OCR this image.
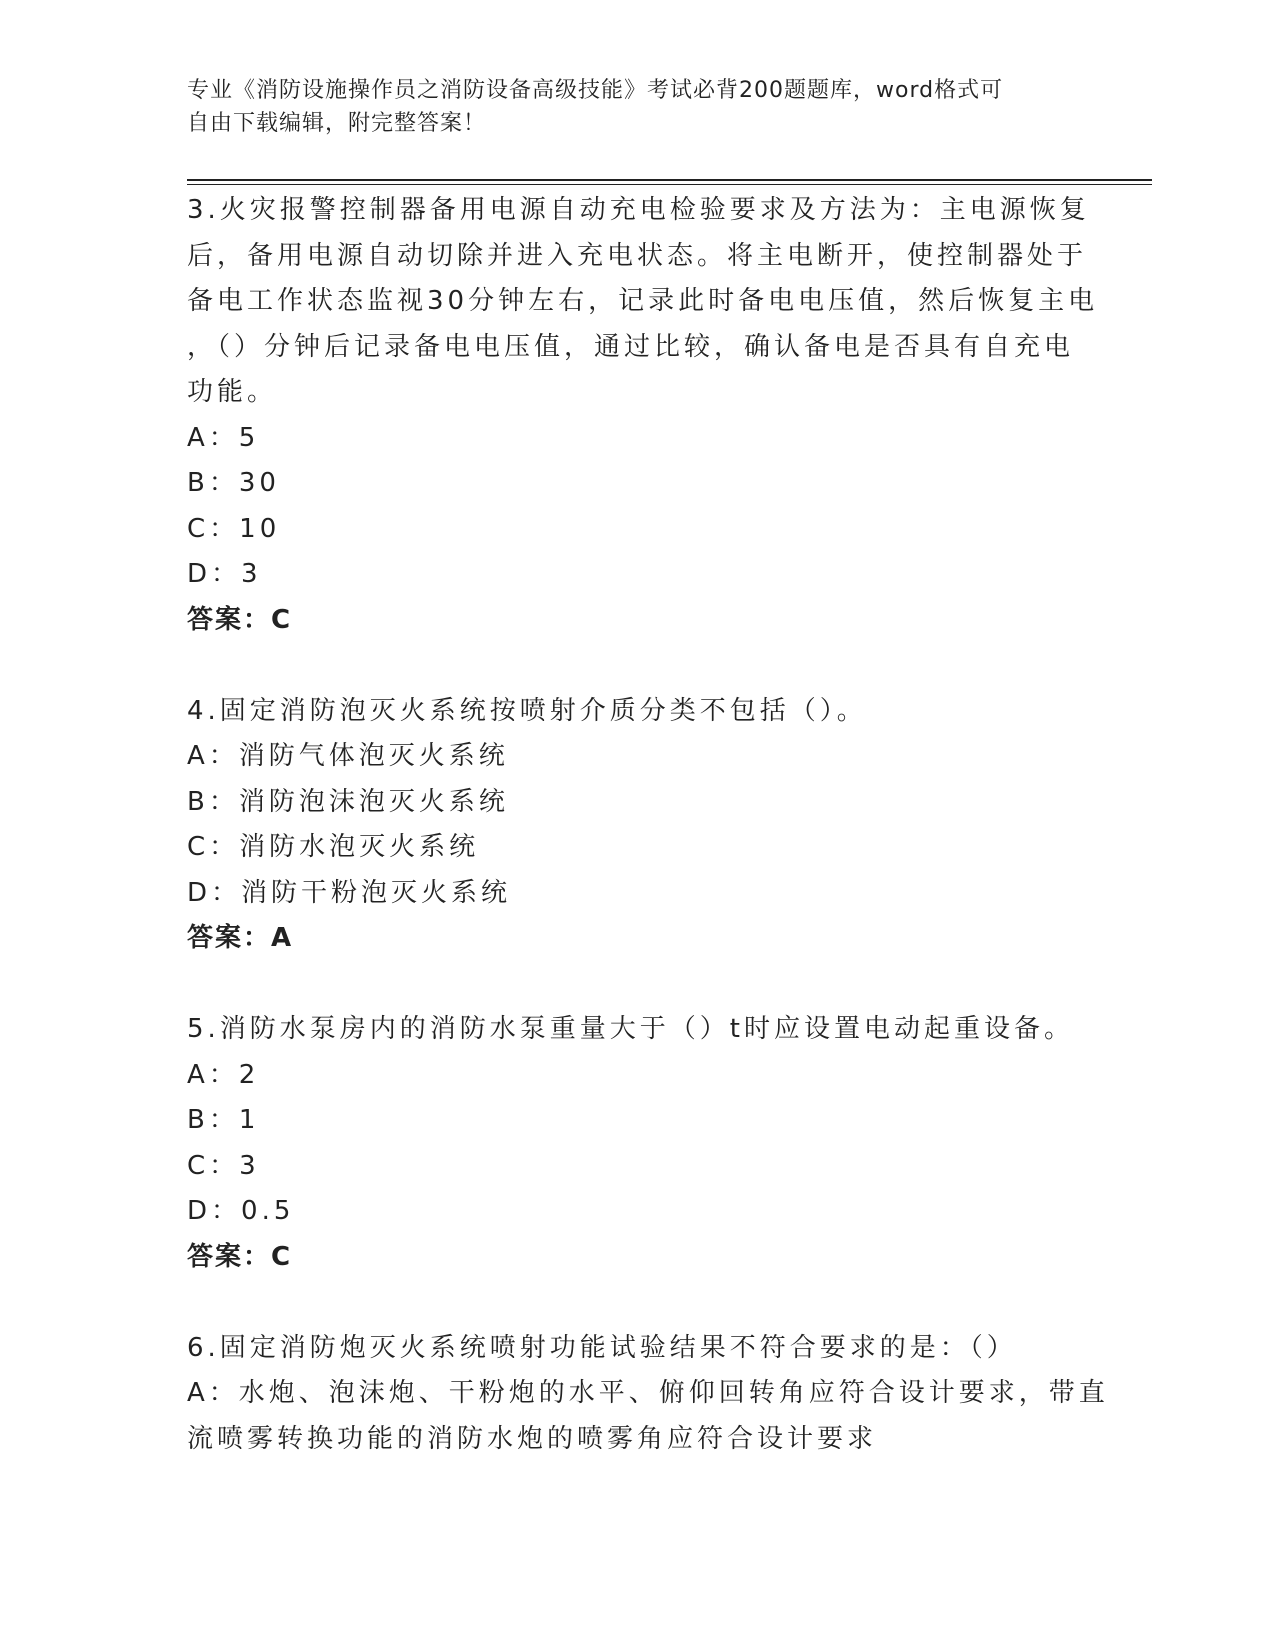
专业《消防设施操作员之消防设备高级技能》考试必背200题题库，word格式可
自由下载编辑，附完整答案！
3.火灾报警控制器备用电源自动充电检验要求及方法为：主电源恢复
后，备用电源自动切除并进入充电状态。将主电断开，使控制器处于
备电工作状态监视30分钟左右，记录此时备电电压值，然后恢复主电
，（）分钟后记录备电电压值，通过比较，确认备电是否具有自充电
功能。
A：5
B：30
C：10
D：3
答案：C
4.固定消防泡灭火系统按喷射介质分类不包括（）。
A：消防气体泡灭火系统
B：消防泡沫泡灭火系统
C：消防水泡灭火系统
D：消防干粉泡灭火系统
答案：A
5.消防水泵房内的消防水泵重量大于（）t时应设置电动起重设备。
A：2
B：1
C：3
D：0.5
答案：C
6.固定消防炮灭火系统喷射功能试验结果不符合要求的是：（）
A：水炮、泡沫炮、干粉炮的水平、俯仰回转角应符合设计要求，带直
流喷雾转换功能的消防水炮的喷雾角应符合设计要求
